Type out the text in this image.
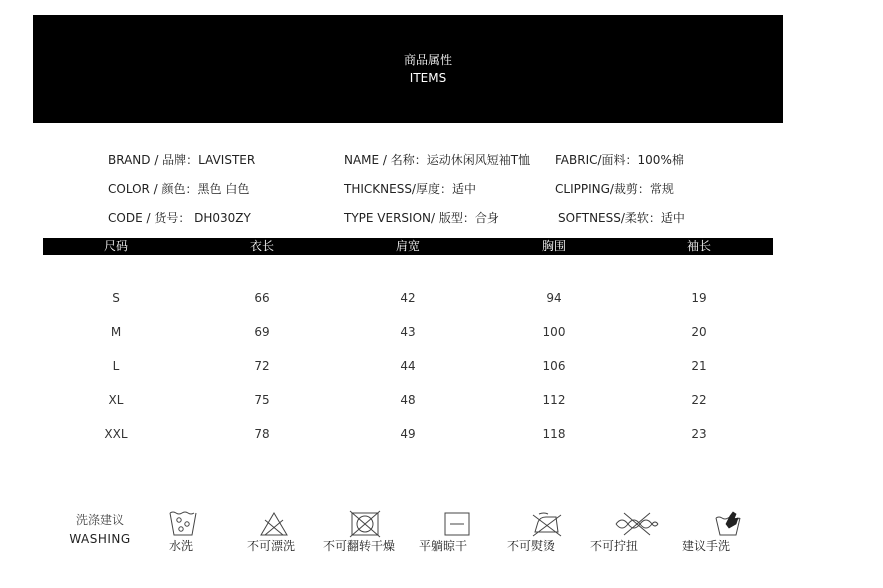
商品属性
ITEMS
BRAND / 品牌：LAVISTER	NAME / 名称：运动休闲风短袖T恤 FABRIC/面料：100%棉
COLOR / 颜色：黑色 白色	THICKNESS/厚度：适中	CLIPPING/裁剪：常规
CODE / 货号： DH030ZY	TYPE VERSION/ 版型：合身	SOFTNESS/柔软：适中
尺码	衣长	肩宽	胸围	袖长
S	66	42	94	19
M	69	43	100	20
L	72	44	106	21
XL	75	48	112	22
XXL	78	49	118	23
洗涤建议
WASHING	水洗	不可漂洗 不可翻转干燥 平躺晾干	不可熨烫	不可拧扭	建议手洗
